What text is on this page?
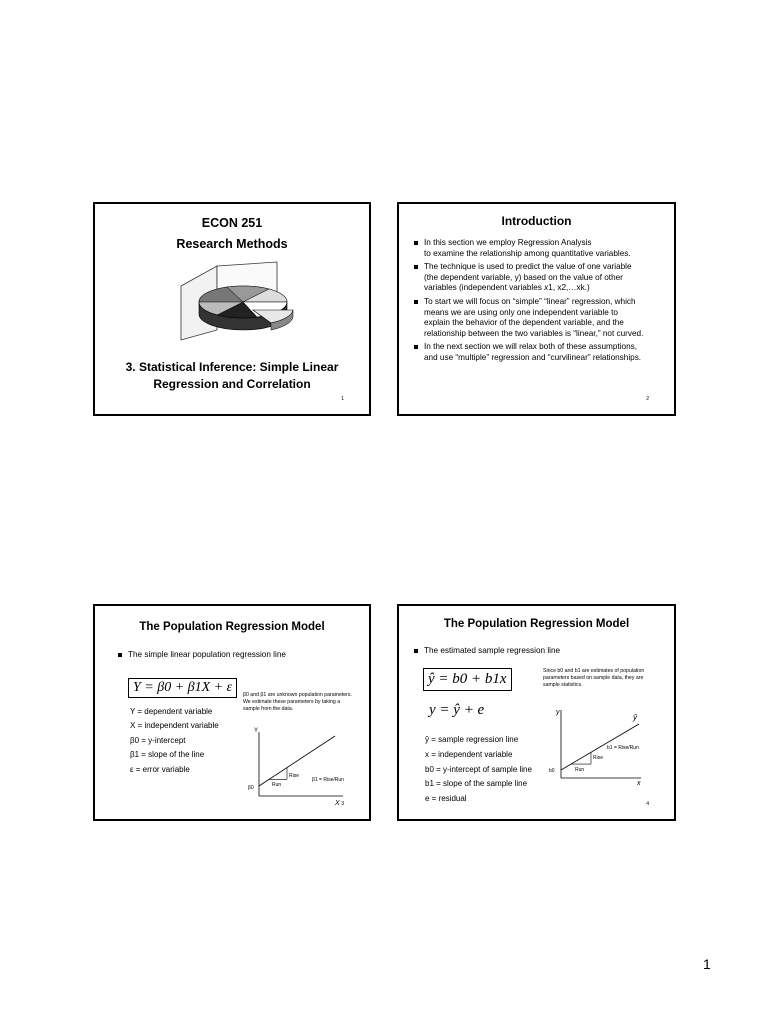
ECON 251
Research Methods
3. Statistical Inference: Simple Linear
Regression and Correlation
1
Introduction
In this section we employ Regression Analysis
to examine the relationship among quantitative variables.
The technique is used to predict the value of one variable
(the dependent variable, y) based on the value of other
variables (independent variables x1, x2,…xk.)
To start we will focus on “simple” “linear” regression, which
means we are using only one independent variable to
explain the behavior of the dependent variable, and the
relationship between the two variables is “linear,” not curved.
In the next section we will relax both of these assumptions,
and use “multiple” regression and “curvilinear” relationships.
2
The Population Regression Model
The simple linear population regression line
Y = β0 + β1X + ε
Y = dependent variable
X = independent variable
β0 = y-intercept
β1 = slope of the line
ε = error variable
β0 and β1 are unknown population parameters.
We estimate these parameters by taking a
sample from the data.
Y
X
β0
Rise
Run
β1 = Rise/Run
3
The Population Regression Model
The estimated sample regression line
ŷ = b0 + b1x
y = ŷ + e
ŷ = sample regression line
x = independent variable
b0 = y-intercept of sample line
b1 = slope of the sample line
e = residual
Since b0 and b1 are estimates of population
parameters based on sample data, they are
sample statistics.
y
x
ŷ
b0
Rise
Run
b1 = Rise/Run
4
1
